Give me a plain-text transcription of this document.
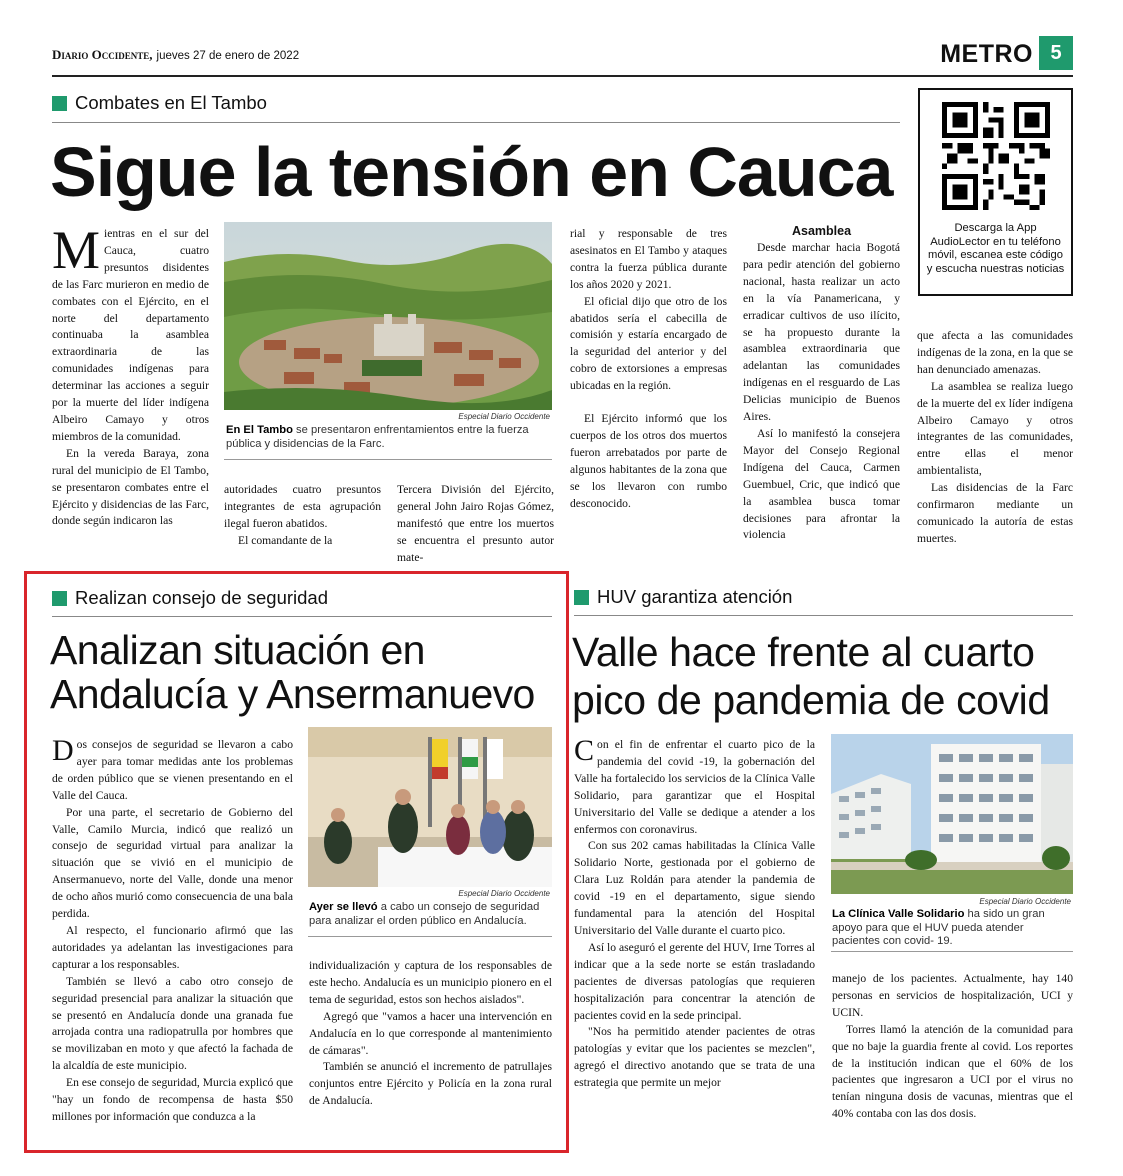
Diario Occidente, jueves 27 de enero de 2022	METRO 5
Combates en El Tambo
Sigue la tensión en Cauca
Descarga la App AudioLector en tu teléfono móvil, escanea este código y escucha nuestras noticias

Mientras en el sur del Cauca, cuatro presuntos disidentes de las Farc murieron en medio de combates con el Ejército, en el norte del departamento continuaba la asamblea extraordinaria de las comunidades indígenas para determinar las acciones a seguir por la muerte del líder indígena Albeiro Camayo y otros miembros de la comunidad.

En la vereda Baraya, zona rural del municipio de El Tambo, se presentaron combates entre el Ejército y disidencias de las Farc, donde según indicaron las

Especial Diario Occidente
En El Tambo se presentaron enfrentamientos entre la fuerza pública y disidencias de la Farc.

autoridades cuatro presuntos integrantes de esta agrupación ilegal fueron abatidos.

El comandante de la

Tercera División del Ejército, general John Jairo Rojas Gómez, manifestó que entre los muertos se encuentra el presunto autor mate-

rial y responsable de tres asesinatos en El Tambo y ataques contra la fuerza pública durante los años 2020 y 2021.

El oficial dijo que otro de los abatidos sería el cabecilla de comisión y estaría encargado de la seguridad del anterior y del cobro de extorsiones a empresas ubicadas en la región.

El Ejército informó que los cuerpos de los otros dos muertos fueron arrebatados por parte de algunos habitantes de la zona que se los llevaron con rumbo desconocido.

Asamblea

Desde marchar hacia Bogotá para pedir atención del gobierno nacional, hasta realizar un acto en la vía Panamericana, y erradicar cultivos de uso ilícito, se ha propuesto durante la asamblea extraordinaria que adelantan las comunidades indígenas en el resguardo de Las Delicias municipio de Buenos Aires.

Así lo manifestó la consejera Mayor del Consejo Regional Indígena del Cauca, Carmen Guembuel, Cric, que indicó que la asamblea busca tomar decisiones para afrontar la violencia

que afecta a las comunidades indígenas de la zona, en la que se han denunciado amenazas.

La asamblea se realiza luego de la muerte del ex líder indígena Albeiro Camayo y otros integrantes de las comunidades, entre ellas el menor ambientalista,

Las disidencias de la Farc confirmaron mediante un comunicado la autoría de estas muertes.

Realizan consejo de seguridad
Analizan situación en
Andalucía y Ansermanuevo

Dos consejos de seguridad se llevaron a cabo ayer para tomar medidas ante los problemas de orden público que se vienen presentando en el Valle del Cauca.

Por una parte, el secretario de Gobierno del Valle, Camilo Murcia, indicó que realizó un consejo de seguridad virtual para analizar la situación que se vivió en el municipio de Ansermanuevo, norte del Valle, donde una menor de ocho años murió como consecuencia de una bala perdida.

Al respecto, el funcionario afirmó que las autoridades ya adelantan las investigaciones para capturar a los responsables.

También se llevó a cabo otro consejo de seguridad presencial para analizar la situación que se presentó en Andalucía donde una granada fue arrojada contra una radiopatrulla por hombres que se movilizaban en moto y que afectó la fachada de la alcaldía de este municipio.

En ese consejo de seguridad, Murcia explicó que "hay un fondo de recompensa de hasta $50 millones por información que conduzca a la

Especial Diario Occidente
Ayer se llevó a cabo un consejo de seguridad para analizar el orden público en Andalucía.

individualización y captura de los responsables de este hecho. Andalucía es un municipio pionero en el tema de seguridad, estos son hechos aislados".

Agregó que "vamos a hacer una intervención en Andalucía en lo que corresponde al mantenimiento de cámaras".

También se anunció el incremento de patrullajes conjuntos entre Ejército y Policía en la zona rural de Andalucía.

HUV garantiza atención
Valle hace frente al cuarto
pico de pandemia de covid

Con el fin de enfrentar el cuarto pico de la pandemia del covid -19, la gobernación del Valle ha fortalecido los servicios de la Clínica Valle Solidario, para garantizar que el Hospital Universitario del Valle se dedique a atender a los enfermos con coronavirus.

Con sus 202 camas habilitadas la Clínica Valle Solidario Norte, gestionada por el gobierno de Clara Luz Roldán para atender la pandemia de covid -19 en el departamento, sigue siendo fundamental para la atención del Hospital Universitario del Valle durante el cuarto pico.

Así lo aseguró el gerente del HUV, Irne Torres al indicar que a la sede norte se están trasladando pacientes de diversas patologías que requieren hospitalización para concentrar la atención de pacientes covid en la sede principal.

"Nos ha permitido atender pacientes de otras patologías y evitar que los pacientes se mezclen", agregó el directivo anotando que se trata de una estrategia que permite un mejor

Especial Diario Occidente
La Clínica Valle Solidario ha sido un gran apoyo para que el HUV pueda atender pacientes con covid- 19.

manejo de los pacientes. Actualmente, hay 140 personas en servicios de hospitalización, UCI y UCIN.

Torres llamó la atención de la comunidad para que no baje la guardia frente al covid. Los reportes de la institución indican que el 60% de los pacientes que ingresaron a UCI por el virus no tenían ninguna dosis de vacunas, mientras que el 40% contaba con las dos dosis.
